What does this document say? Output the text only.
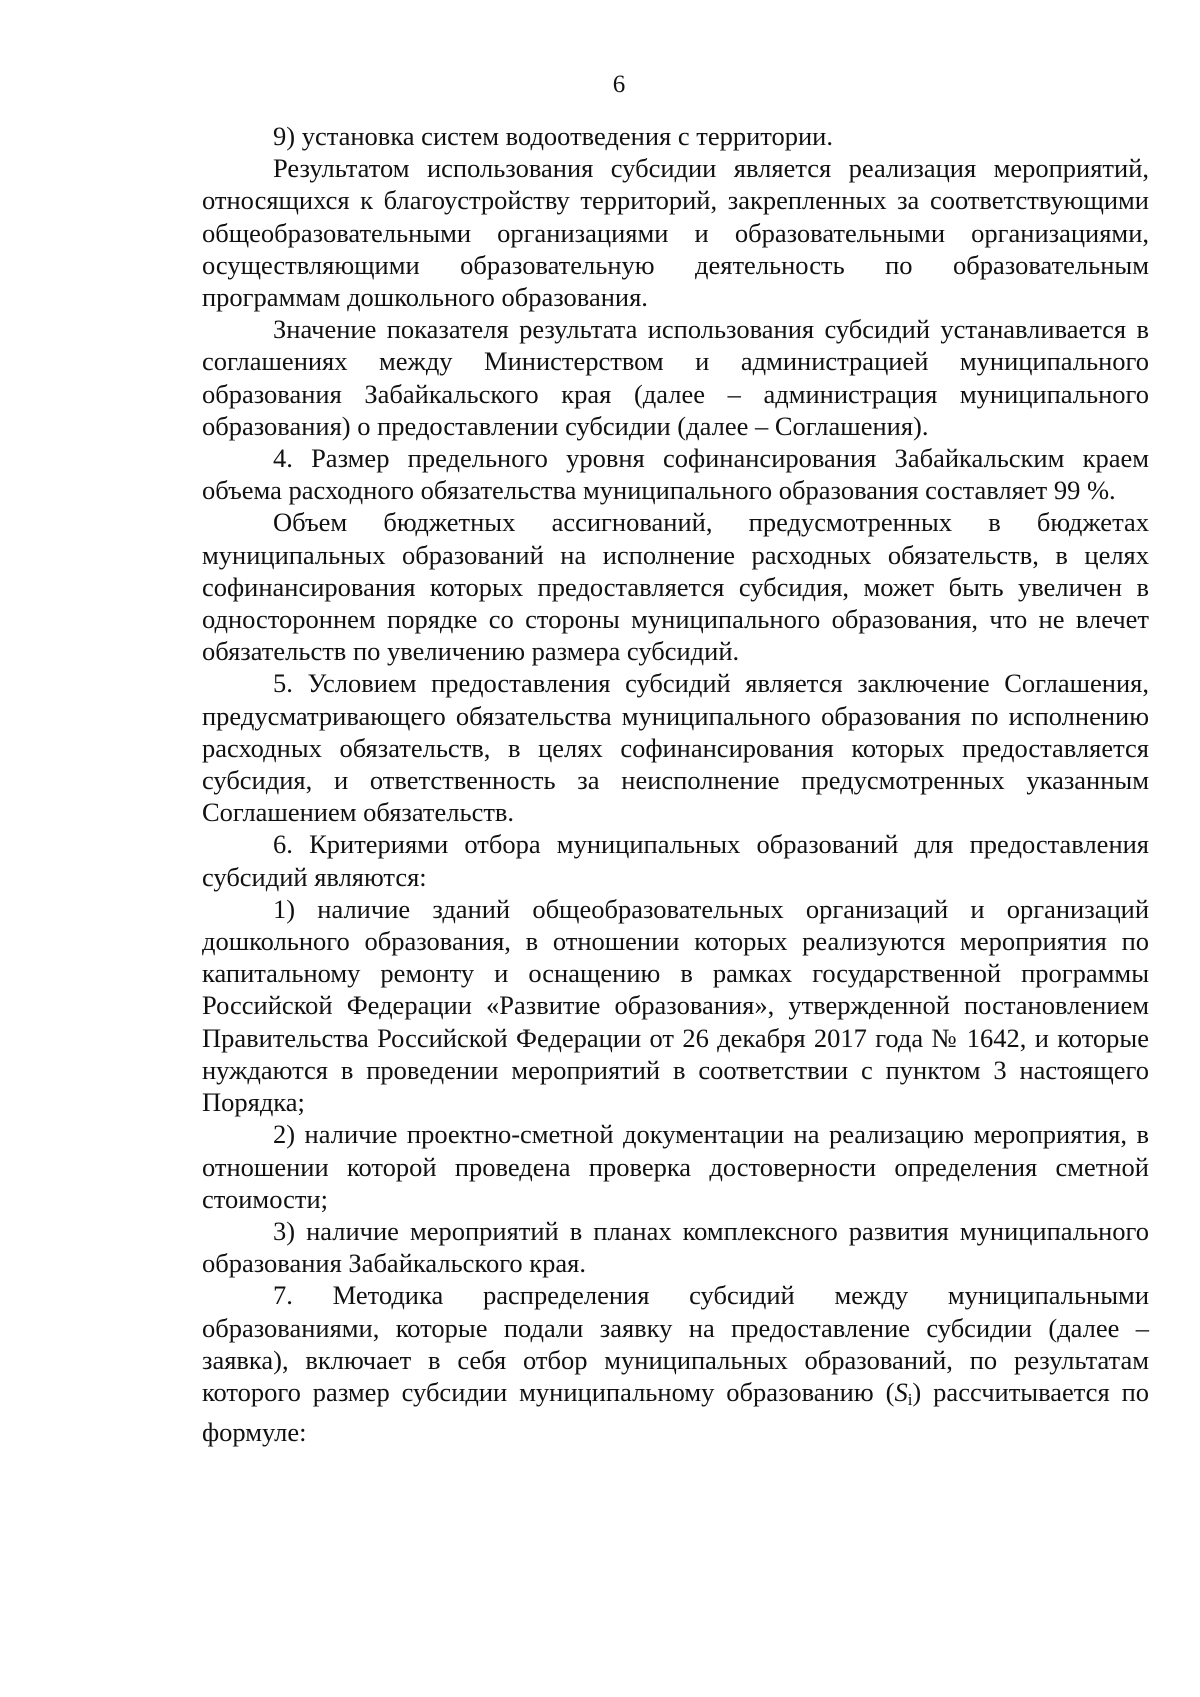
6

9) установка систем водоотведения с территории.

Результатом использования субсидии является реализация мероприятий, относящихся к благоустройству территорий, закрепленных за соответствующими общеобразовательными организациями и образовательными организациями, осуществляющими образовательную деятельность по образовательным программам дошкольного образования.

Значение показателя результата использования субсидий устанавливается в соглашениях между Министерством и администрацией муниципального образования Забайкальского края (далее – администрация муниципального образования) о предоставлении субсидии (далее – Соглашения).

4. Размер предельного уровня софинансирования Забайкальским краем объема расходного обязательства муниципального образования составляет 99 %.

Объем бюджетных ассигнований, предусмотренных в бюджетах муниципальных образований на исполнение расходных обязательств, в целях софинансирования которых предоставляется субсидия, может быть увеличен в одностороннем порядке со стороны муниципального образования, что не влечет обязательств по увеличению размера субсидий.

5. Условием предоставления субсидий является заключение Соглашения, предусматривающего обязательства муниципального образования по исполнению расходных обязательств, в целях софинансирования которых предоставляется субсидия, и ответственность за неисполнение предусмотренных указанным Соглашением обязательств.

6. Критериями отбора муниципальных образований для предоставления субсидий являются:

1) наличие зданий общеобразовательных организаций и организаций дошкольного образования, в отношении которых реализуются мероприятия по капитальному ремонту и оснащению в рамках государственной программы Российской Федерации «Развитие образования», утвержденной постановлением Правительства Российской Федерации от 26 декабря 2017 года № 1642, и которые нуждаются в проведении мероприятий в соответствии с пунктом 3 настоящего Порядка;

2) наличие проектно-сметной документации на реализацию мероприятия, в отношении которой проведена проверка достоверности определения сметной стоимости;

3) наличие мероприятий в планах комплексного развития муниципального образования Забайкальского края.

7. Методика распределения субсидий между муниципальными образованиями, которые подали заявку на предоставление субсидии (далее – заявка), включает в себя отбор муниципальных образований, по результатам которого размер субсидии муниципальному образованию (Si) рассчитывается по формуле:
